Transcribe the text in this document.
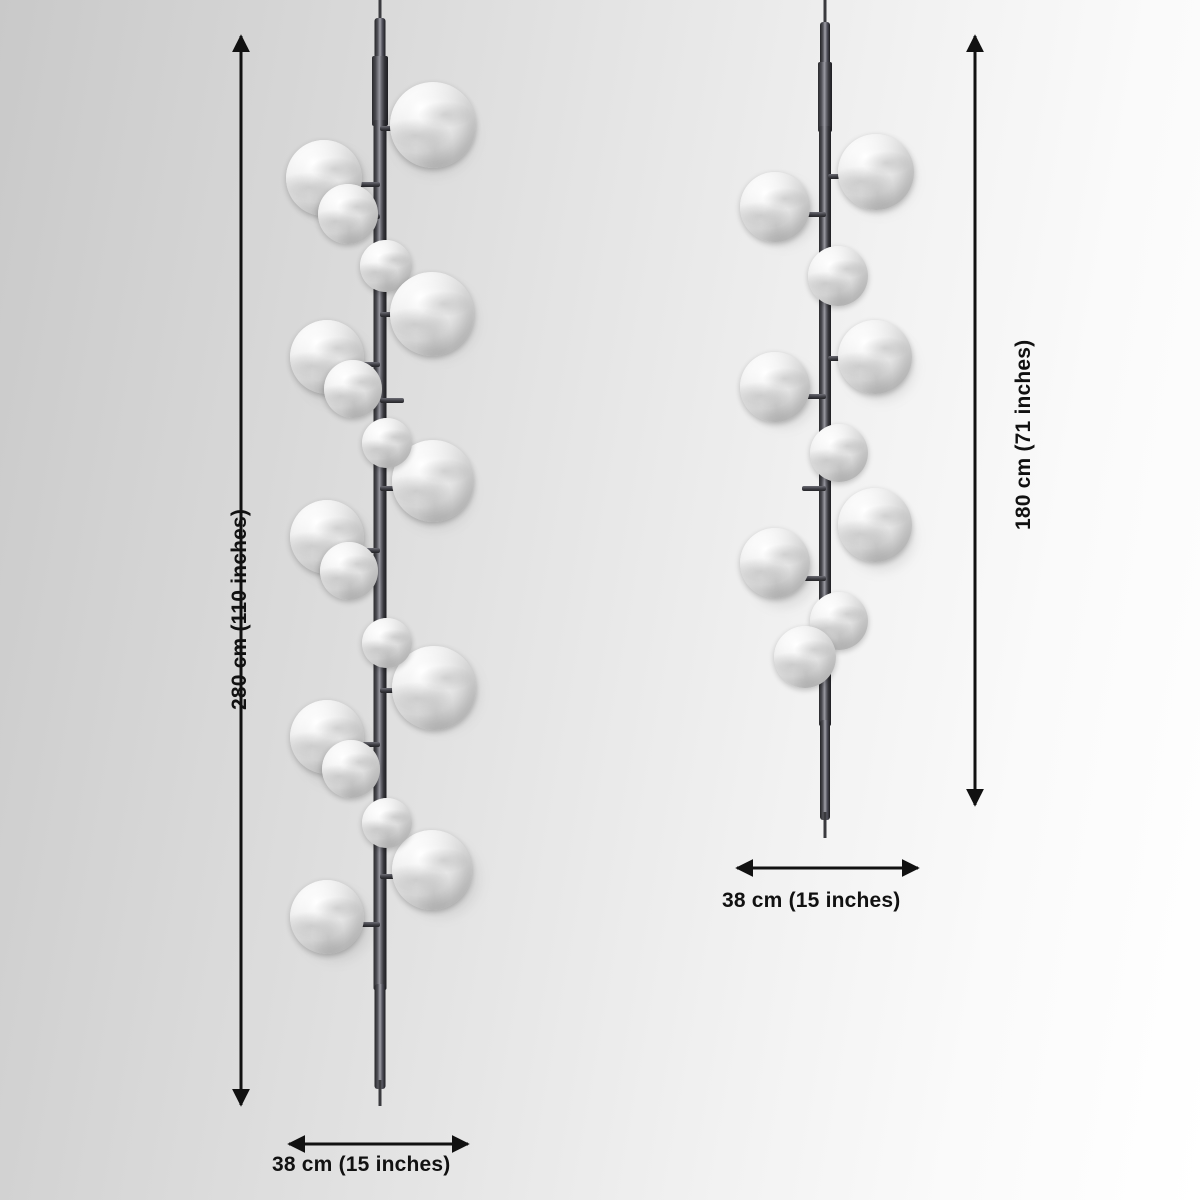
280 cm (110 inches)
38 cm (15 inches)
180 cm (71 inches)
38 cm (15 inches)
